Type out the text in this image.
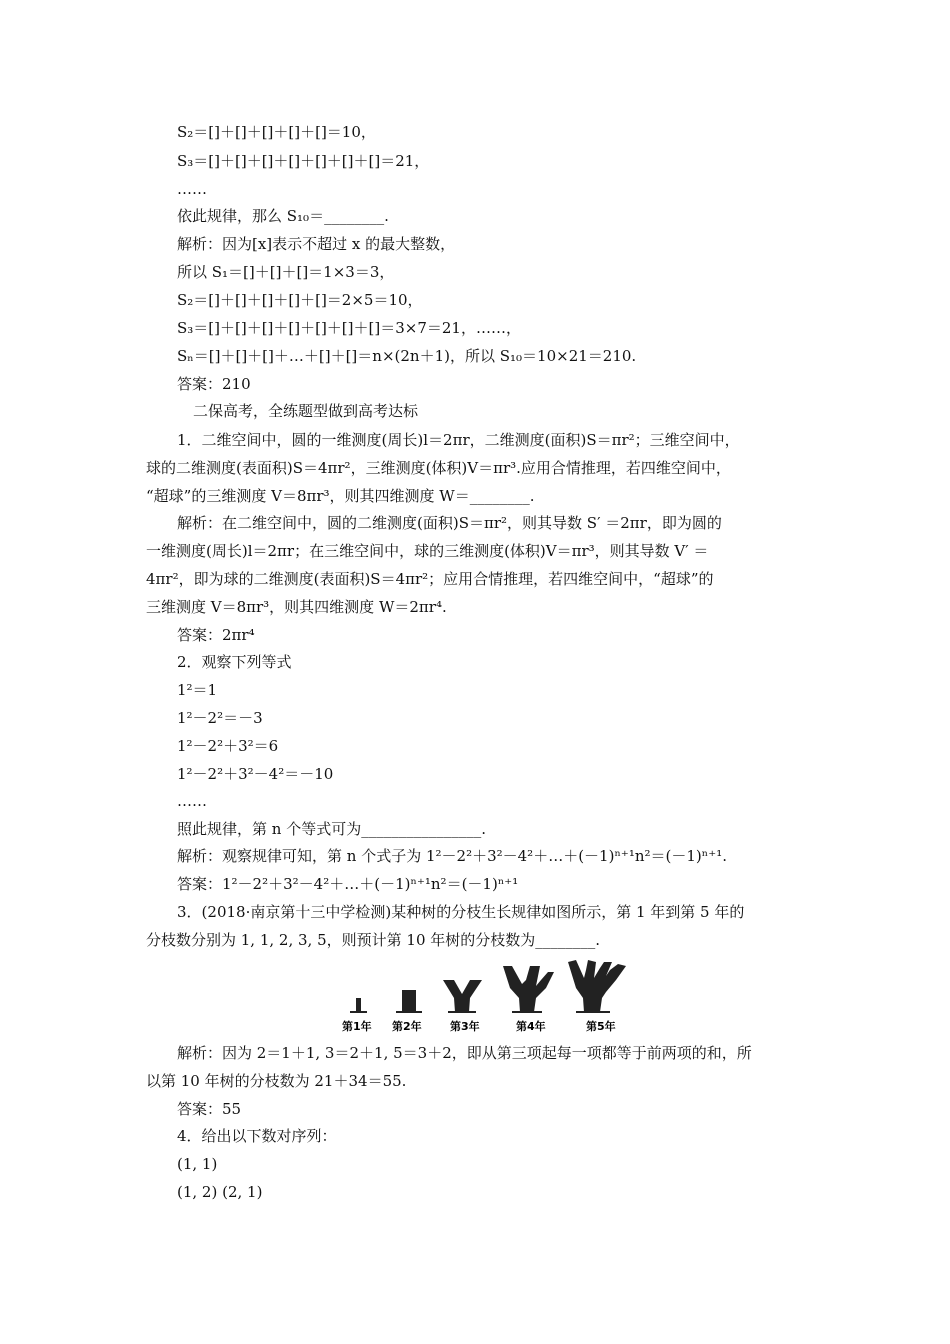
S₂＝[]＋[]＋[]＋[]＋[]＝10，
S₃＝[]＋[]＋[]＋[]＋[]＋[]＋[]＝21，
……
依此规律，那么 S₁₀＝________.
解析：因为[x]表示不超过 x 的最大整数，
所以 S₁＝[]＋[]＋[]＝1×3＝3，
S₂＝[]＋[]＋[]＋[]＋[]＝2×5＝10，
S₃＝[]＋[]＋[]＋[]＋[]＋[]＋[]＝3×7＝21，……，
Sₙ＝[]＋[]＋[]＋…＋[]＋[]＝n×(2n＋1)，所以 S₁₀＝10×21＝210.
答案：210
二保高考，全练题型做到高考达标
1．二维空间中，圆的一维测度(周长)l＝2πr，二维测度(面积)S＝πr²；三维空间中，
球的二维测度(表面积)S＝4πr²，三维测度(体积)V＝πr³.应用合情推理，若四维空间中，
“超球”的三维测度 V＝8πr³，则其四维测度 W＝________.
解析：在二维空间中，圆的二维测度(面积)S＝πr²，则其导数 S′ ＝2πr，即为圆的
一维测度(周长)l＝2πr；在三维空间中，球的三维测度(体积)V＝πr³，则其导数 V′ ＝
4πr²，即为球的二维测度(表面积)S＝4πr²；应用合情推理，若四维空间中，“超球”的
三维测度 V＝8πr³，则其四维测度 W＝2πr⁴.
答案：2πr⁴
2．观察下列等式
1²＝1
1²－2²＝－3
1²－2²＋3²＝6
1²－2²＋3²－4²＝－10
……
照此规律，第 n 个等式可为________________.
解析：观察规律可知，第 n 个式子为 1²－2²＋3²－4²＋…＋(－1)ⁿ⁺¹n²＝(－1)ⁿ⁺¹.
答案：1²－2²＋3²－4²＋…＋(－1)ⁿ⁺¹n²＝(－1)ⁿ⁺¹
3．(2018·南京第十三中学检测)某种树的分枝生长规律如图所示，第 1 年到第 5 年的
分枝数分别为 1, 1, 2, 3, 5，则预计第 10 年树的分枝数为________.
第1年 第2年	第3年	第4年	第5年
解析：因为 2＝1＋1, 3＝2＋1, 5＝3＋2，即从第三项起每一项都等于前两项的和，所
以第 10 年树的分枝数为 21＋34＝55.
答案：55
4．给出以下数对序列：
(1, 1)
(1, 2) (2, 1)
